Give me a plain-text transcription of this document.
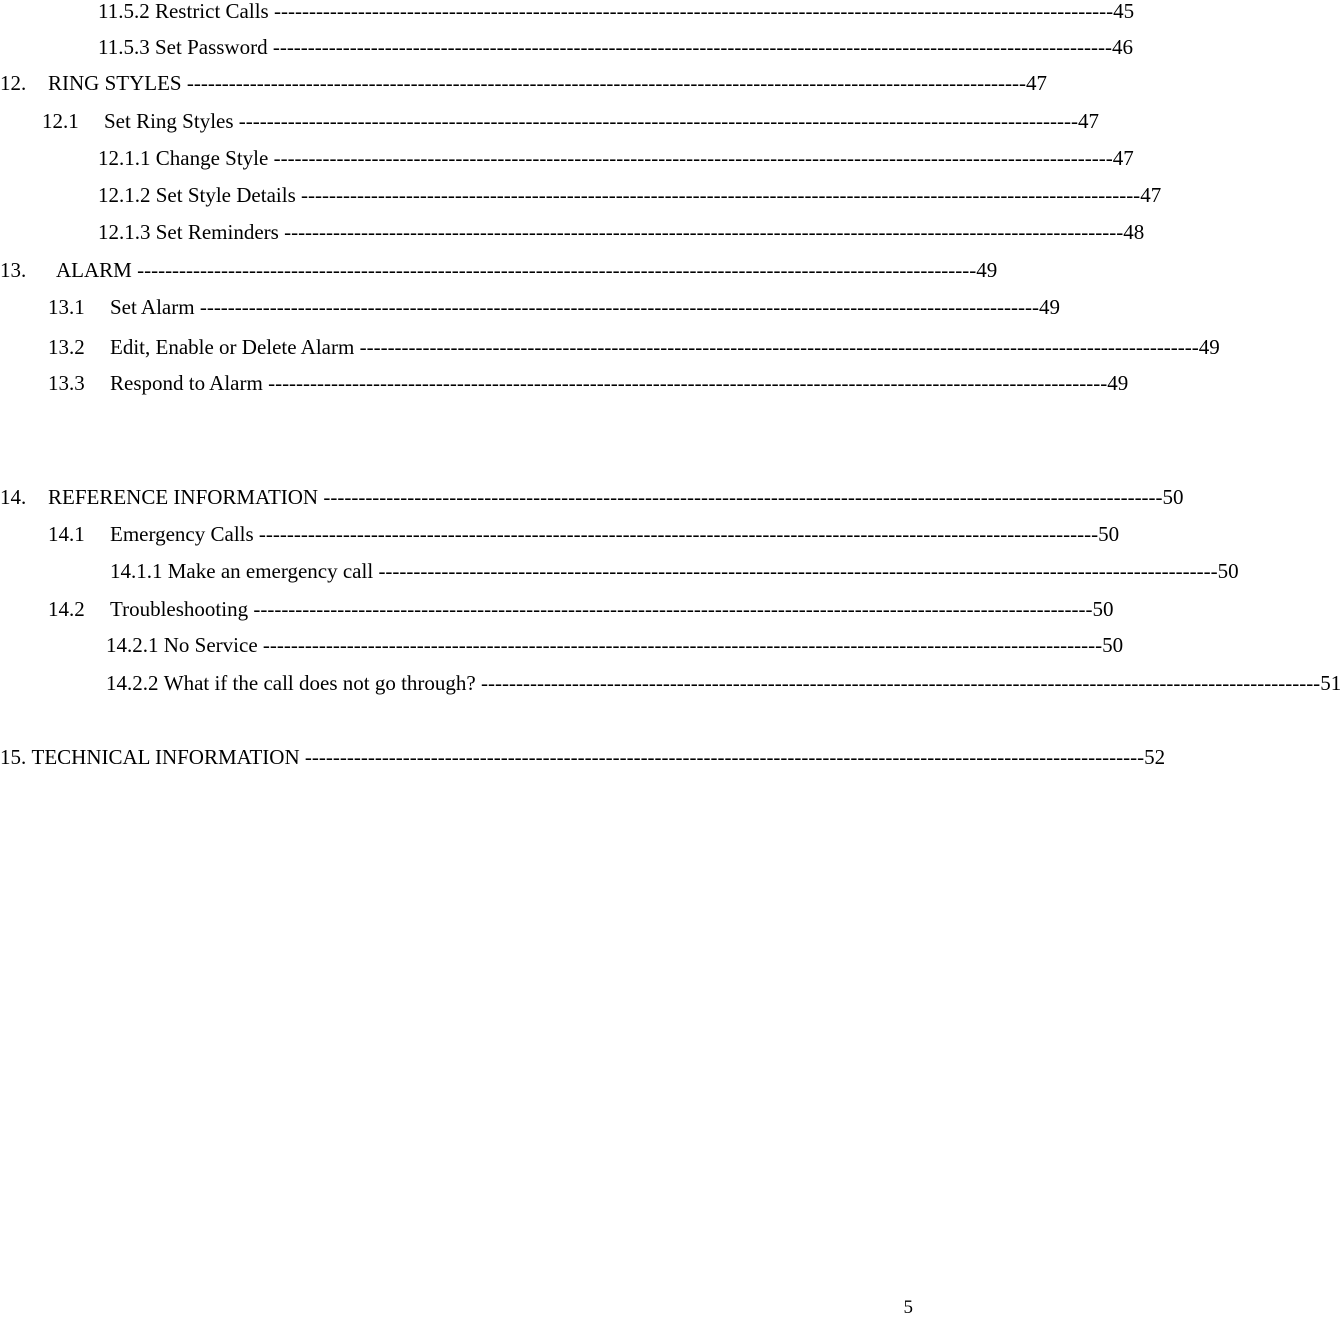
11.5.2 Restrict Calls ------------------------------------------------------------------------------------------------------------------------ 45
11.5.3 Set Password ------------------------------------------------------------------------------------------------------------------------ 46
12.	RING STYLES ------------------------------------------------------------------------------------------------------------------------ 47
12.1	Set Ring Styles ------------------------------------------------------------------------------------------------------------------------ 47
12.1.1 Change Style ------------------------------------------------------------------------------------------------------------------------ 47
12.1.2 Set Style Details ------------------------------------------------------------------------------------------------------------------------ 47
12.1.3 Set Reminders ------------------------------------------------------------------------------------------------------------------------ 48
13.	ALARM ------------------------------------------------------------------------------------------------------------------------ 49
13.1	Set Alarm ------------------------------------------------------------------------------------------------------------------------ 49
13.2	Edit, Enable or Delete Alarm ------------------------------------------------------------------------------------------------------------------------ 49
13.3	Respond to Alarm ------------------------------------------------------------------------------------------------------------------------ 49
14.	REFERENCE INFORMATION ------------------------------------------------------------------------------------------------------------------------ 50
14.1	Emergency Calls ------------------------------------------------------------------------------------------------------------------------ 50
14.1.1 Make an emergency call ------------------------------------------------------------------------------------------------------------------------ 50
14.2	Troubleshooting ------------------------------------------------------------------------------------------------------------------------ 50
14.2.1 No Service ------------------------------------------------------------------------------------------------------------------------ 50
14.2.2 What if the call does not go through? ------------------------------------------------------------------------------------------------------------------------ 51
15. TECHNICAL INFORMATION ------------------------------------------------------------------------------------------------------------------------ 52
5
